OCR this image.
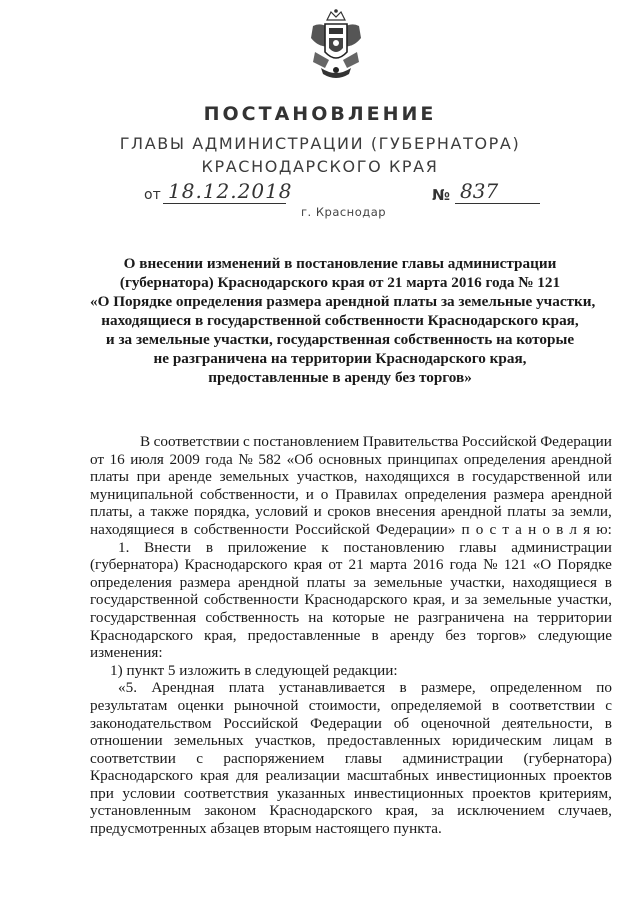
ПОСТАНОВЛЕНИЕ
ГЛАВЫ АДМИНИСТРАЦИИ (ГУБЕРНАТОРА)
КРАСНОДАРСКОГО КРАЯ
от 18.12.2018	№ 837
г. Краснодар
О внесении изменений в постановление главы администрации
(губернатора) Краснодарского края от 21 марта 2016 года № 121
«О Порядке определения размера арендной платы за земельные участки,
находящиеся в государственной собственности Краснодарского края,
и за земельные участки, государственная собственность на которые
не разграничена на территории Краснодарского края,
предоставленные в аренду без торгов»
В соответствии с постановлением Правительства Российской Федерации
от 16 июля 2009 года № 582 «Об основных принципах определения арендной
платы при аренде земельных участков, находящихся в государственной или
муниципальной собственности, и о Правилах определения размера арендной
платы, а также порядка, условий и сроков внесения арендной платы за земли,
находящиеся в собственности Российской Федерации» п о с т а н о в л я ю:
1. Внести в приложение к постановлению главы администрации
(губернатора) Краснодарского края от 21 марта 2016 года № 121 «О Порядке
определения размера арендной платы за земельные участки, находящиеся в
государственной собственности Краснодарского края, и за земельные участки,
государственная собственность на которые не разграничена на территории
Краснодарского края, предоставленные в аренду без торгов» следующие
изменения:
1) пункт 5 изложить в следующей редакции:
«5. Арендная плата устанавливается в размере, определенном по
результатам оценки рыночной стоимости, определяемой в соответствии с
законодательством Российской Федерации об оценочной деятельности, в
отношении земельных участков, предоставленных юридическим лицам в
соответствии с распоряжением главы администрации (губернатора)
Краснодарского края для реализации масштабных инвестиционных проектов
при условии соответствия указанных инвестиционных проектов критериям,
установленным законом Краснодарского края, за исключением случаев,
предусмотренных абзацев вторым настоящего пункта.
